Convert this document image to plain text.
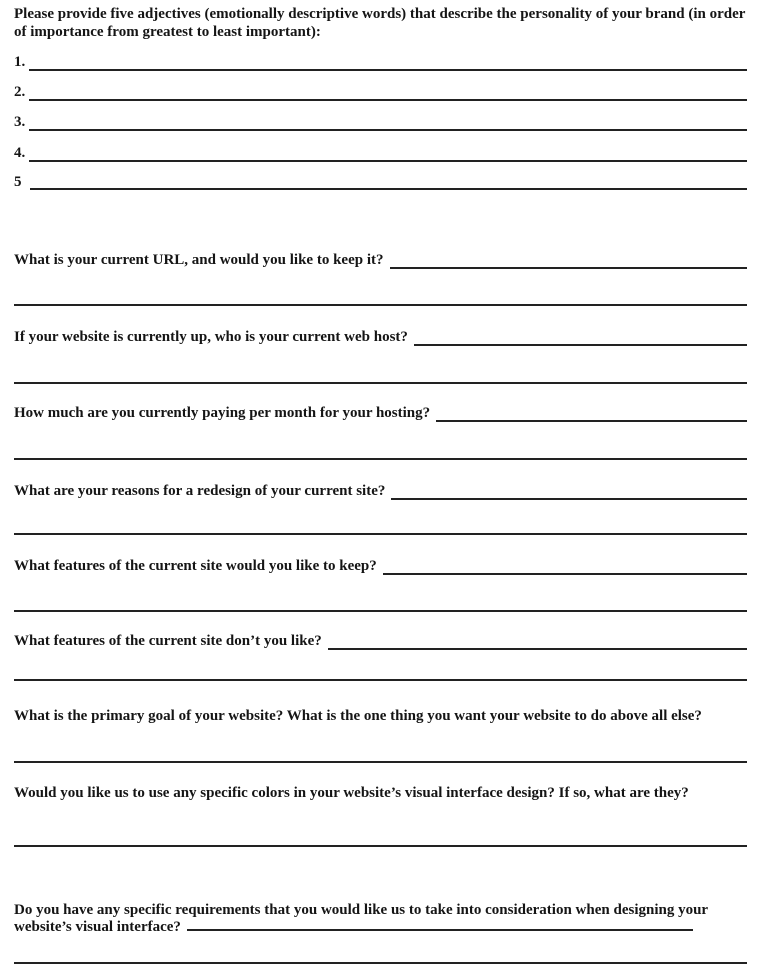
Please provide five adjectives (emotionally descriptive words) that describe the personality of your brand (in order of importance from greatest to least important):
1.
2.
3.
4.
5
What is your current URL, and would you like to keep it?
If your website is currently up, who is your current web host?
How much are you currently paying per month for your hosting?
What are your reasons for a redesign of your current site?
What features of the current site would you like to keep?
What features of the current site don’t you like?
What is the primary goal of your website? What is the one thing you want your website to do above all else?
Would you like us to use any specific colors in your website’s visual interface design? If so, what are they?
Do you have any specific requirements that you would like us to take into consideration when designing your website’s visual interface?
